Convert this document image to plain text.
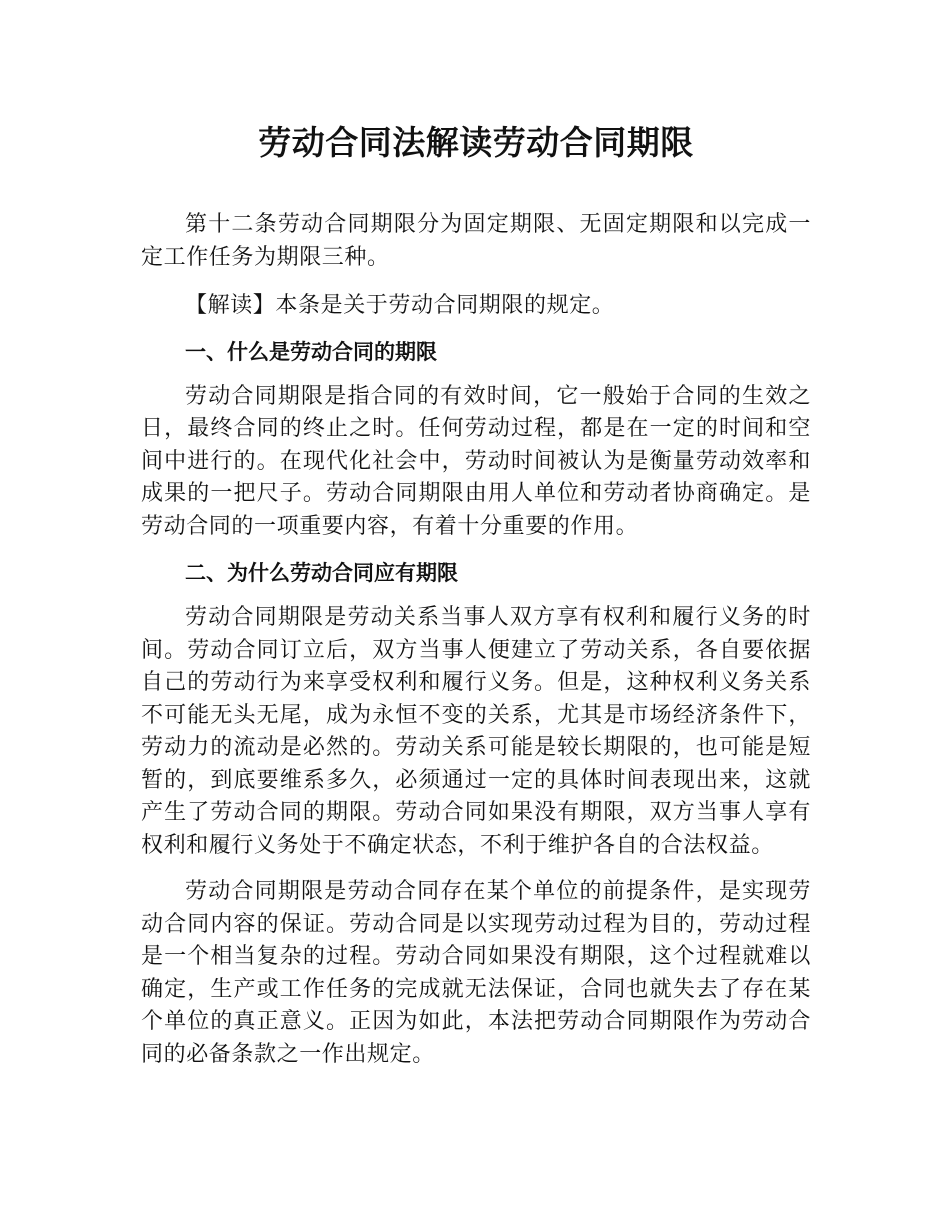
劳动合同法解读劳动合同期限

第十二条劳动合同期限分为固定期限、无固定期限和以完成一定工作任务为期限三种。

【解读】本条是关于劳动合同期限的规定。

一、什么是劳动合同的期限

劳动合同期限是指合同的有效时间，它一般始于合同的生效之日，最终合同的终止之时。任何劳动过程，都是在一定的时间和空间中进行的。在现代化社会中，劳动时间被认为是衡量劳动效率和成果的一把尺子。劳动合同期限由用人单位和劳动者协商确定。是劳动合同的一项重要内容，有着十分重要的作用。

二、为什么劳动合同应有期限

劳动合同期限是劳动关系当事人双方享有权利和履行义务的时间。劳动合同订立后，双方当事人便建立了劳动关系，各自要依据自己的劳动行为来享受权利和履行义务。但是，这种权利义务关系不可能无头无尾，成为永恒不变的关系，尤其是市场经济条件下，劳动力的流动是必然的。劳动关系可能是较长期限的，也可能是短暂的，到底要维系多久，必须通过一定的具体时间表现出来，这就产生了劳动合同的期限。劳动合同如果没有期限，双方当事人享有权利和履行义务处于不确定状态，不利于维护各自的合法权益。

劳动合同期限是劳动合同存在某个单位的前提条件，是实现劳动合同内容的保证。劳动合同是以实现劳动过程为目的，劳动过程是一个相当复杂的过程。劳动合同如果没有期限，这个过程就难以确定，生产或工作任务的完成就无法保证，合同也就失去了存在某个单位的真正意义。正因为如此，本法把劳动合同期限作为劳动合同的必备条款之一作出规定。
